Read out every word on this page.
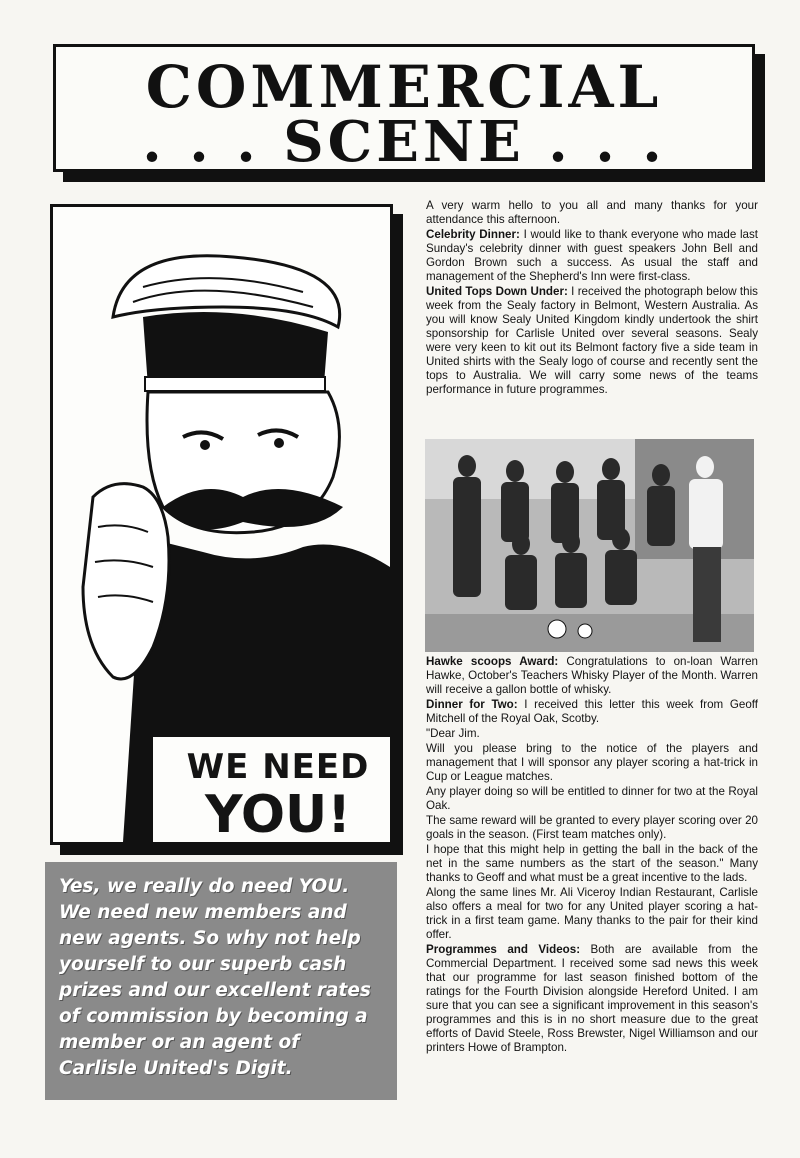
COMMERCIAL
. . . SCENE . . .
WE NEED
YOU!
Yes, we really do need YOU. We need new members and new agents. So why not help yourself to our superb cash prizes and our excellent rates of commission by becoming a member or an agent of Carlisle United's Digit.

A very warm hello to you all and many thanks for your attendance this afternoon.

Celebrity Dinner: I would like to thank everyone who made last Sunday's celebrity dinner with guest speakers John Bell and Gordon Brown such a success. As usual the staff and management of the Shepherd's Inn were first-class.

United Tops Down Under: I received the photograph below this week from the Sealy factory in Belmont, Western Australia. As you will know Sealy United Kingdom kindly undertook the shirt sponsorship for Carlisle United over several seasons. Sealy were very keen to kit out its Belmont factory five a side team in United shirts with the Sealy logo of course and recently sent the tops to Australia. We will carry some news of the teams performance in future programmes.

Hawke scoops Award: Congratulations to on-loan Warren Hawke, October's Teachers Whisky Player of the Month. Warren will receive a gallon bottle of whisky.

Dinner for Two: I received this letter this week from Geoff Mitchell of the Royal Oak, Scotby.

"Dear Jim.

Will you please bring to the notice of the players and management that I will sponsor any player scoring a hat-trick in Cup or League matches.

Any player doing so will be entitled to dinner for two at the Royal Oak.

The same reward will be granted to every player scoring over 20 goals in the season. (First team matches only).

I hope that this might help in getting the ball in the back of the net in the same numbers as the start of the season." Many thanks to Geoff and what must be a great incentive to the lads.

Along the same lines Mr. Ali Viceroy Indian Restaurant, Carlisle also offers a meal for two for any United player scoring a hat-trick in a first team game. Many thanks to the pair for their kind offer.

Programmes and Videos: Both are available from the Commercial Department. I received some sad news this week that our programme for last season finished bottom of the ratings for the Fourth Division alongside Hereford United. I am sure that you can see a significant improvement in this season's programmes and this is in no short measure due to the great efforts of David Steele, Ross Brewster, Nigel Williamson and our printers Howe of Brampton.
